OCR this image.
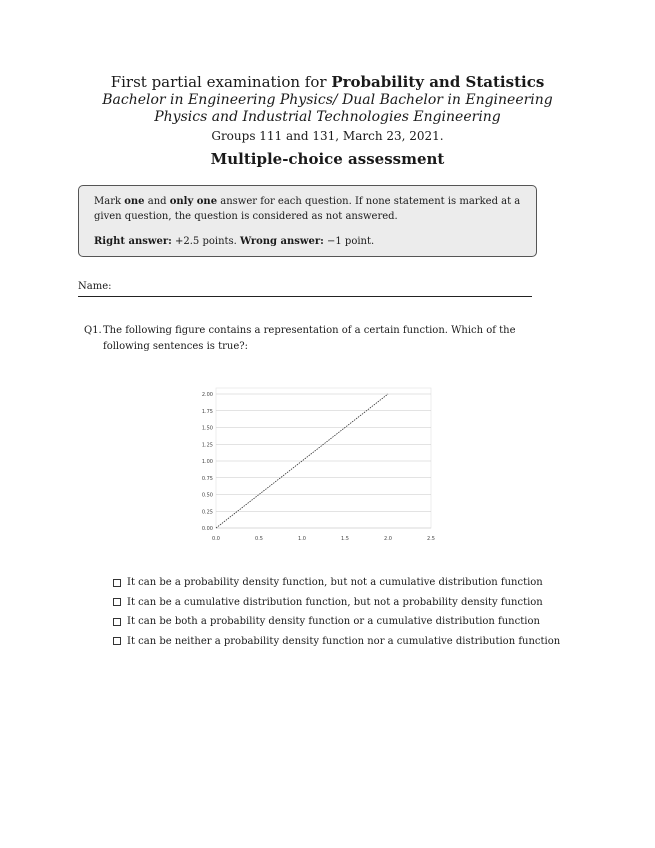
First partial examination for Probability and Statistics
Bachelor in Engineering Physics/ Dual Bachelor in Engineering
Physics and Industrial Technologies Engineering
Groups 111 and 131, March 23, 2021.
Multiple-choice assessment

Mark one and only one answer for each question. If none statement is marked at a given question, the question is considered as not answered.

Right answer: +2.5 points. Wrong answer: −1 point.

Name:
Q1. The following figure contains a representation of a certain function. Which of the following sentences is true?:
0.00
0.25
0.50
0.75
1.00
1.25
1.50
1.75
2.00
0.0	0.5	1.0	1.5	2.0	2.5
It can be a probability density function, but not a cumulative distribution function
It can be a cumulative distribution function, but not a probability density function
It can be both a probability density function or a cumulative distribution function
It can be neither a probability density function nor a cumulative distribution function
